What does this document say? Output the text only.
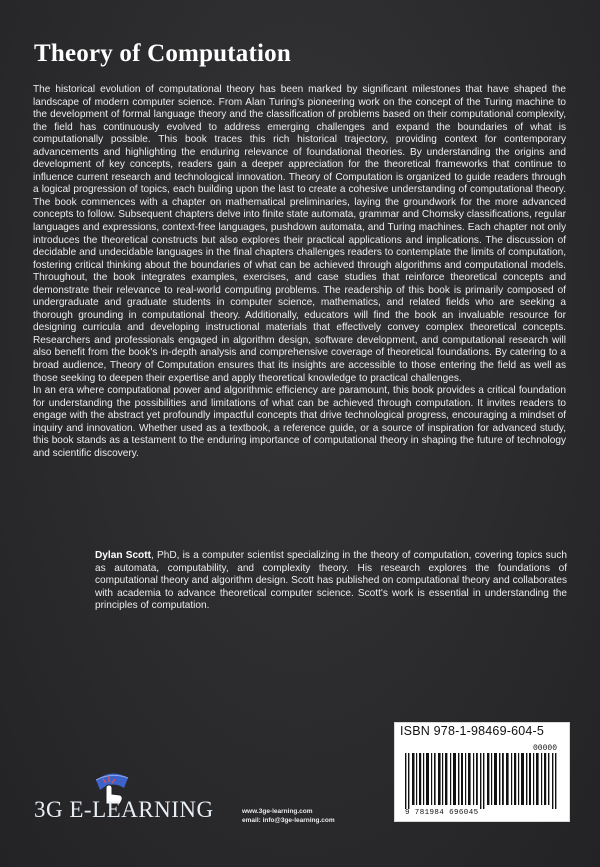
Theory of Computation

The historical evolution of computational theory has been marked by significant milestones that have shaped the landscape of modern computer science. From Alan Turing's pioneering work on the concept of the Turing machine to the development of formal language theory and the classification of problems based on their computational complexity, the field has continuously evolved to address emerging challenges and expand the boundaries of what is computationally possible. This book traces this rich historical trajectory, providing context for contemporary advancements and highlighting the enduring relevance of foundational theories. By understanding the origins and development of key concepts, readers gain a deeper appreciation for the theoretical frameworks that continue to influence current research and technological innovation. Theory of Computation is organized to guide readers through a logical progression of topics, each building upon the last to create a cohesive understanding of computational theory. The book commences with a chapter on mathematical preliminaries, laying the groundwork for the more advanced concepts to follow. Subsequent chapters delve into finite state automata, grammar and Chomsky classifications, regular languages and expressions, context-free languages, pushdown automata, and Turing machines. Each chapter not only introduces the theoretical constructs but also explores their practical applications and implications. The discussion of decidable and undecidable languages in the final chapters challenges readers to contemplate the limits of computation, fostering critical thinking about the boundaries of what can be achieved through algorithms and computational models. Throughout, the book integrates examples, exercises, and case studies that reinforce theoretical concepts and demonstrate their relevance to real-world computing problems. The readership of this book is primarily composed of undergraduate and graduate students in computer science, mathematics, and related fields who are seeking a thorough grounding in computational theory. Additionally, educators will find the book an invaluable resource for designing curricula and developing instructional materials that effectively convey complex theoretical concepts. Researchers and professionals engaged in algorithm design, software development, and computational research will also benefit from the book's in-depth analysis and comprehensive coverage of theoretical foundations. By catering to a broad audience, Theory of Computation ensures that its insights are accessible to those entering the field as well as those seeking to deepen their expertise and apply theoretical knowledge to practical challenges.

In an era where computational power and algorithmic efficiency are paramount, this book provides a critical foundation for understanding the possibilities and limitations of what can be achieved through computation. It invites readers to engage with the abstract yet profoundly impactful concepts that drive technological progress, encouraging a mindset of inquiry and innovation. Whether used as a textbook, a reference guide, or a source of inspiration for advanced study, this book stands as a testament to the enduring importance of computational theory in shaping the future of technology and scientific discovery.

Dylan Scott, PhD, is a computer scientist specializing in the theory of computation, covering topics such as automata, computability, and complexity theory. His research explores the foundations of computational theory and algorithm design. Scott has published on computational theory and collaborates with academia to advance theoretical computer science. Scott's work is essential in understanding the principles of computation.
ISBN 978-1-98469-604-5
00000
9 781984 696045
3G E-LEARNING	www.3ge-learning.com
email: info@3ge-learning.com
